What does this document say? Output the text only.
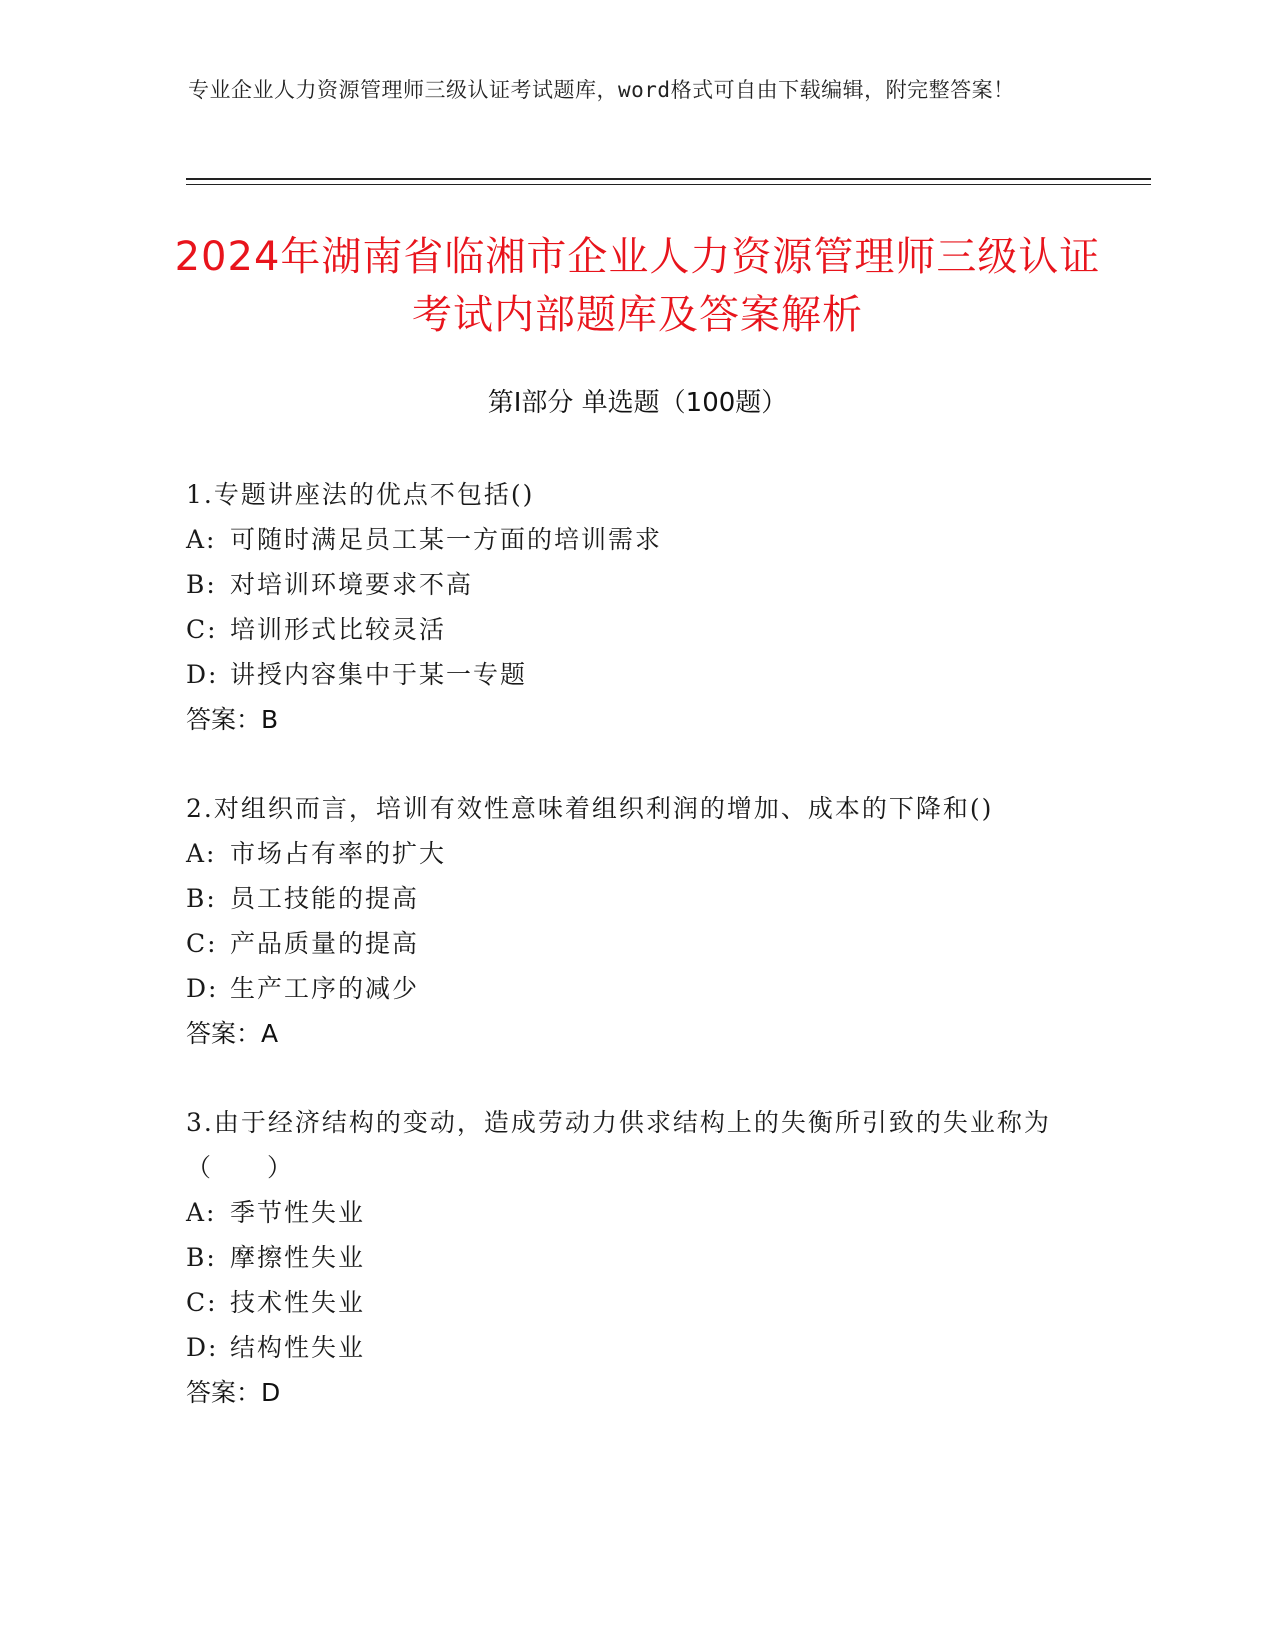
专业企业人力资源管理师三级认证考试题库，word格式可自由下载编辑，附完整答案！
2024年湖南省临湘市企业人力资源管理师三级认证考试内部题库及答案解析
第Ⅰ部分 单选题（100题）
1.专题讲座法的优点不包括()
A: 可随时满足员工某一方面的培训需求
B: 对培训环境要求不高
C: 培训形式比较灵活
D: 讲授内容集中于某一专题
答案：B
2.对组织而言，培训有效性意味着组织利润的增加、成本的下降和()
A: 市场占有率的扩大
B: 员工技能的提高
C: 产品质量的提高
D: 生产工序的减少
答案：A
3.由于经济结构的变动，造成劳动力供求结构上的失衡所引致的失业称为（　　）
A: 季节性失业
B: 摩擦性失业
C: 技术性失业
D: 结构性失业
答案：D
